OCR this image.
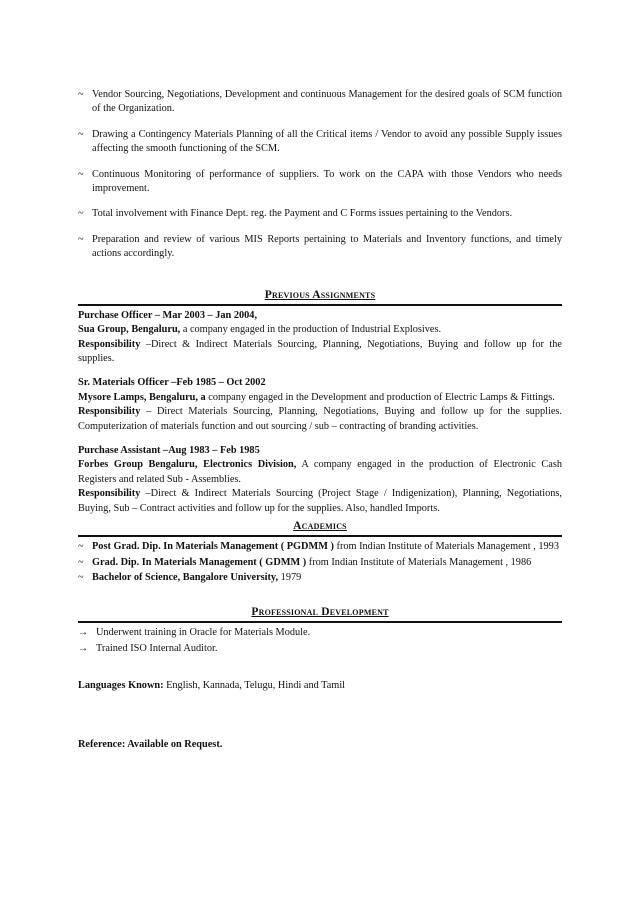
~ Vendor Sourcing, Negotiations, Development and continuous Management for the desired goals of SCM function of the Organization.
~ Drawing a Contingency Materials Planning of all the Critical items / Vendor to avoid any possible Supply issues affecting the smooth functioning of the SCM.
~ Continuous Monitoring of performance of suppliers. To work on the CAPA with those Vendors who needs improvement.
~ Total involvement with Finance Dept. reg. the Payment and C Forms issues pertaining to the Vendors.
~ Preparation and review of various MIS Reports pertaining to Materials and Inventory functions, and timely actions accordingly.
Previous Assignments

Purchase Officer – Mar 2003 – Jan 2004,

Sua Group, Bengaluru, a company engaged in the production of Industrial Explosives.

Responsibility –Direct & Indirect Materials Sourcing, Planning, Negotiations, Buying and follow up for the supplies.

Sr. Materials Officer –Feb 1985 – Oct 2002

Mysore Lamps, Bengaluru, a company engaged in the Development and production of Electric Lamps & Fittings.

Responsibility – Direct Materials Sourcing, Planning, Negotiations, Buying and follow up for the supplies. Computerization of materials function and out sourcing / sub – contracting of branding activities.

Purchase Assistant –Aug 1983 – Feb 1985

Forbes Group Bengaluru, Electronics Division, A company engaged in the production of Electronic Cash Registers and related Sub - Assemblies.

Responsibility –Direct & Indirect Materials Sourcing (Project Stage / Indigenization), Planning, Negotiations, Buying, Sub – Contract activities and follow up for the supplies. Also, handled Imports.

Academics
~ Post Grad. Dip. In Materials Management ( PGDMM ) from Indian Institute of Materials Management , 1993
~ Grad. Dip. In Materials Management ( GDMM ) from Indian Institute of Materials Management , 1986
~ Bachelor of Science, Bangalore University, 1979
Professional Development
→ Underwent training in Oracle for Materials Module.
→ Trained ISO Internal Auditor.

Languages Known: English, Kannada, Telugu, Hindi and Tamil

Reference: Available on Request.
